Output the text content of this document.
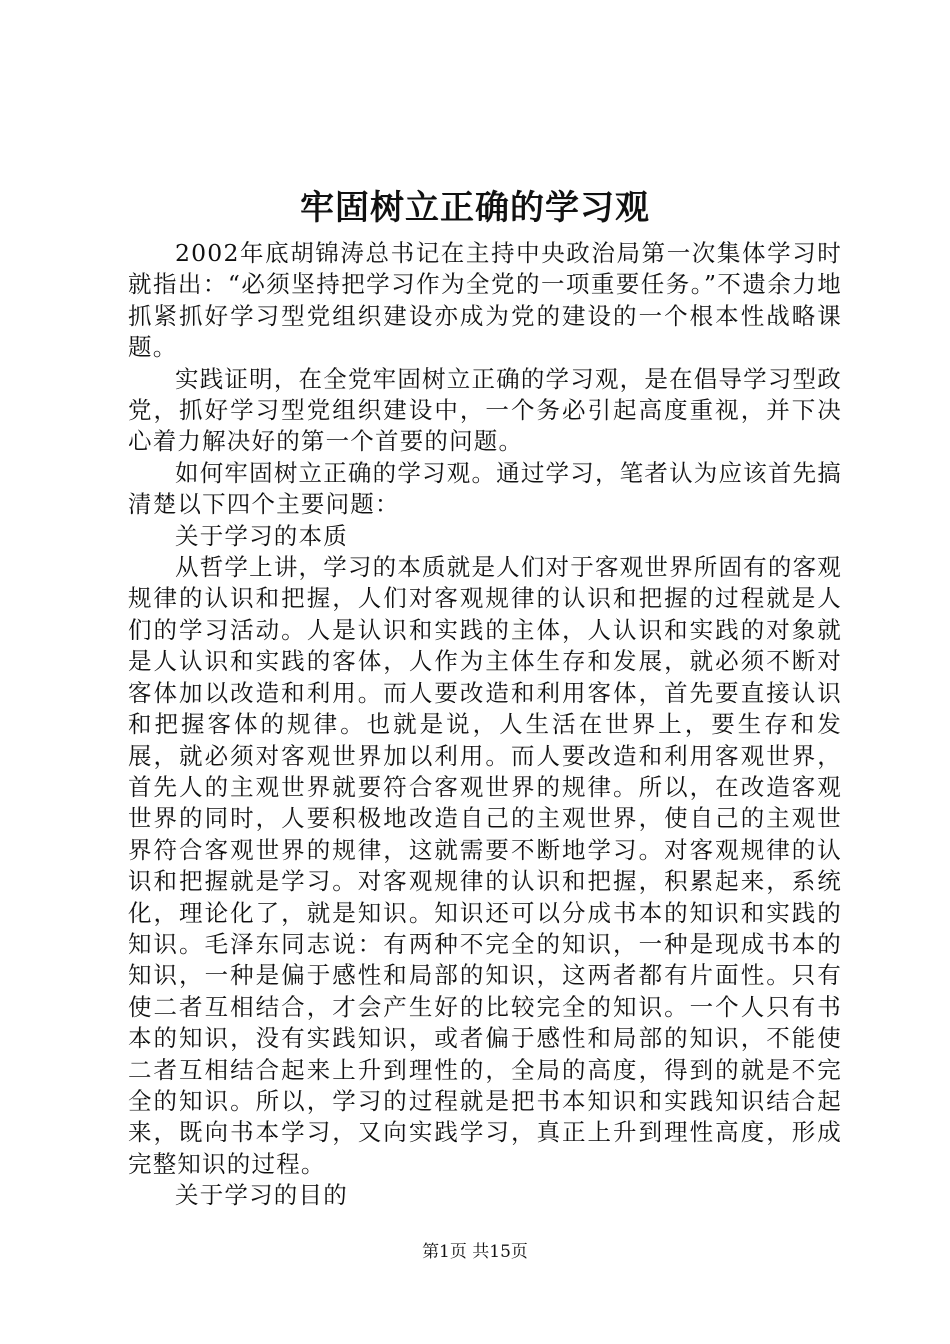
牢固树立正确的学习观

2002年底胡锦涛总书记在主持中央政治局第一次集体学习时就指出：“必须坚持把学习作为全党的一项重要任务。”不遗余力地抓紧抓好学习型党组织建设亦成为党的建设的一个根本性战略课题。

实践证明，在全党牢固树立正确的学习观，是在倡导学习型政党，抓好学习型党组织建设中，一个务必引起高度重视，并下决心着力解决好的第一个首要的问题。

如何牢固树立正确的学习观。通过学习，笔者认为应该首先搞清楚以下四个主要问题：

关于学习的本质

从哲学上讲，学习的本质就是人们对于客观世界所固有的客观规律的认识和把握，人们对客观规律的认识和把握的过程就是人们的学习活动。人是认识和实践的主体，人认识和实践的对象就是人认识和实践的客体，人作为主体生存和发展，就必须不断对客体加以改造和利用。而人要改造和利用客体，首先要直接认识和把握客体的规律。也就是说，人生活在世界上，要生存和发展，就必须对客观世界加以利用。而人要改造和利用客观世界，首先人的主观世界就要符合客观世界的规律。所以，在改造客观世界的同时，人要积极地改造自己的主观世界，使自己的主观世界符合客观世界的规律，这就需要不断地学习。对客观规律的认识和把握就是学习。对客观规律的认识和把握，积累起来，系统化，理论化了，就是知识。知识还可以分成书本的知识和实践的知识。毛泽东同志说：有两种不完全的知识，一种是现成书本的知识，一种是偏于感性和局部的知识，这两者都有片面性。只有使二者互相结合，才会产生好的比较完全的知识。一个人只有书本的知识，没有实践知识，或者偏于感性和局部的知识，不能使二者互相结合起来上升到理性的，全局的高度，得到的就是不完全的知识。所以，学习的过程就是把书本知识和实践知识结合起来，既向书本学习，又向实践学习，真正上升到理性高度，形成完整知识的过程。

关于学习的目的

第1页 共15页
